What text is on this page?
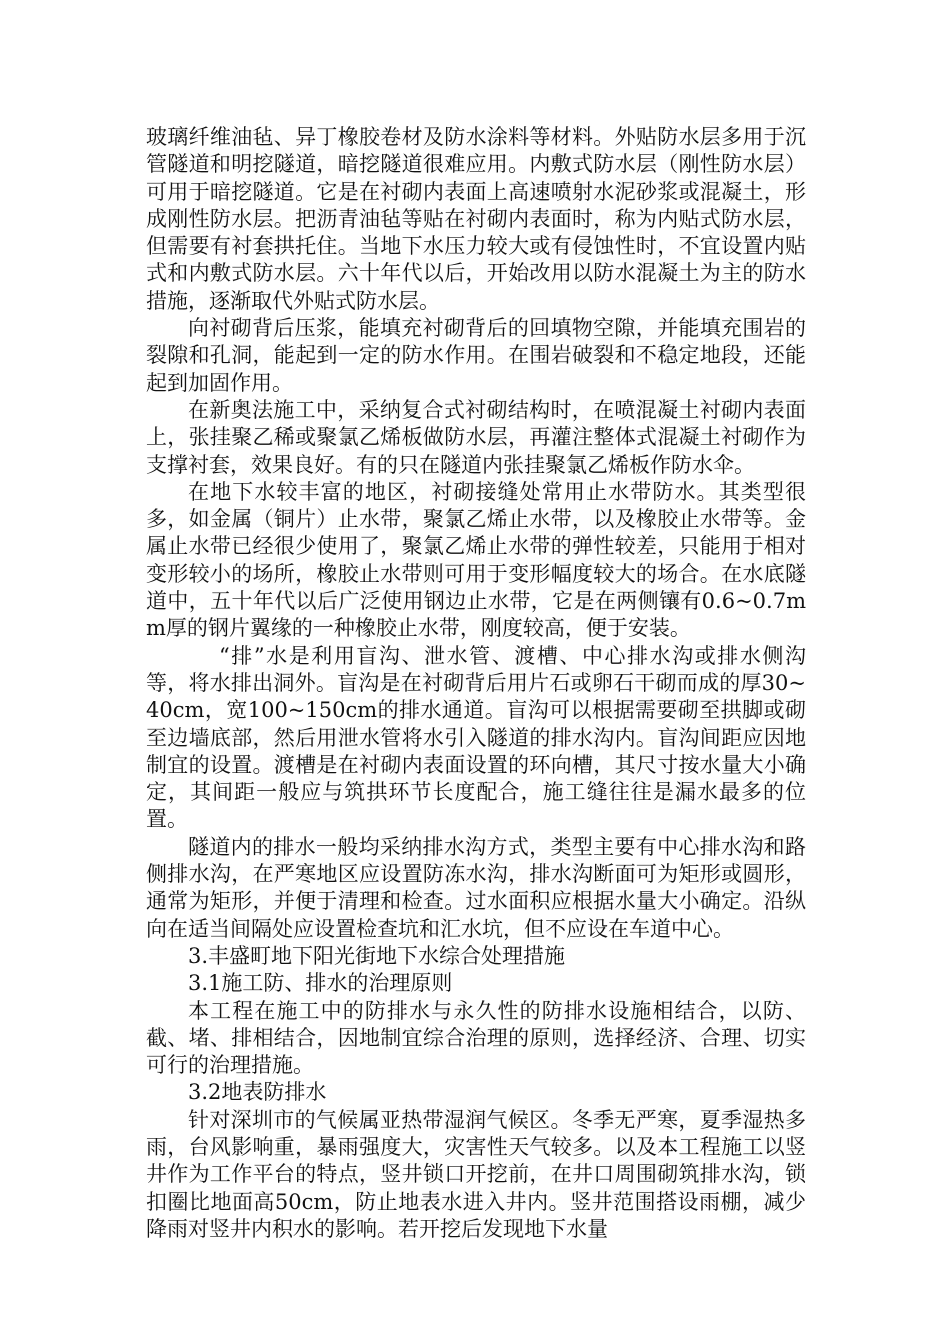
玻璃纤维油毡、异丁橡胶卷材及防水涂料等材料。外贴防水层多用于沉管隧道和明挖隧道，暗挖隧道很难应用。内敷式防水层（刚性防水层）可用于暗挖隧道。它是在衬砌内表面上高速喷射水泥砂浆或混凝土，形成刚性防水层。把沥青油毡等贴在衬砌内表面时，称为内贴式防水层，但需要有衬套拱托住。当地下水压力较大或有侵蚀性时，不宜设置内贴式和内敷式防水层。六十年代以后，开始改用以防水混凝土为主的防水措施，逐渐取代外贴式防水层。

向衬砌背后压浆，能填充衬砌背后的回填物空隙，并能填充围岩的裂隙和孔洞，能起到一定的防水作用。在围岩破裂和不稳定地段，还能起到加固作用。

在新奥法施工中，采纳复合式衬砌结构时，在喷混凝土衬砌内表面上，张挂聚乙稀或聚氯乙烯板做防水层，再灌注整体式混凝土衬砌作为支撑衬套，效果良好。有的只在隧道内张挂聚氯乙烯板作防水伞。

在地下水较丰富的地区，衬砌接缝处常用止水带防水。其类型很多，如金属（铜片）止水带，聚氯乙烯止水带，以及橡胶止水带等。金属止水带已经很少使用了，聚氯乙烯止水带的弹性较差，只能用于相对变形较小的场所，橡胶止水带则可用于变形幅度较大的场合。在水底隧道中，五十年代以后广泛使用钢边止水带，它是在两侧镶有0.6~0.7mm厚的钢片翼缘的一种橡胶止水带，刚度较高，便于安装。

“排”水是利用盲沟、泄水管、渡槽、中心排水沟或排水侧沟等，将水排出洞外。盲沟是在衬砌背后用片石或卵石干砌而成的厚30~40cm，宽100~150cm的排水通道。盲沟可以根据需要砌至拱脚或砌至边墙底部，然后用泄水管将水引入隧道的排水沟内。盲沟间距应因地制宜的设置。渡槽是在衬砌内表面设置的环向槽，其尺寸按水量大小确定，其间距一般应与筑拱环节长度配合，施工缝往往是漏水最多的位置。

隧道内的排水一般均采纳排水沟方式，类型主要有中心排水沟和路侧排水沟，在严寒地区应设置防冻水沟，排水沟断面可为矩形或圆形，通常为矩形，并便于清理和检查。过水面积应根据水量大小确定。沿纵向在适当间隔处应设置检查坑和汇水坑，但不应设在车道中心。

3.丰盛町地下阳光街地下水综合处理措施

3.1施工防、排水的治理原则

本工程在施工中的防排水与永久性的防排水设施相结合，以防、截、堵、排相结合，因地制宜综合治理的原则，选择经济、合理、切实可行的治理措施。

3.2地表防排水

针对深圳市的气候属亚热带湿润气候区。冬季无严寒，夏季湿热多雨，台风影响重，暴雨强度大，灾害性天气较多。以及本工程施工以竖井作为工作平台的特点，竖井锁口开挖前，在井口周围砌筑排水沟，锁扣圈比地面高50cm，防止地表水进入井内。竖井范围搭设雨棚，减少降雨对竖井内积水的影响。若开挖后发现地下水量
